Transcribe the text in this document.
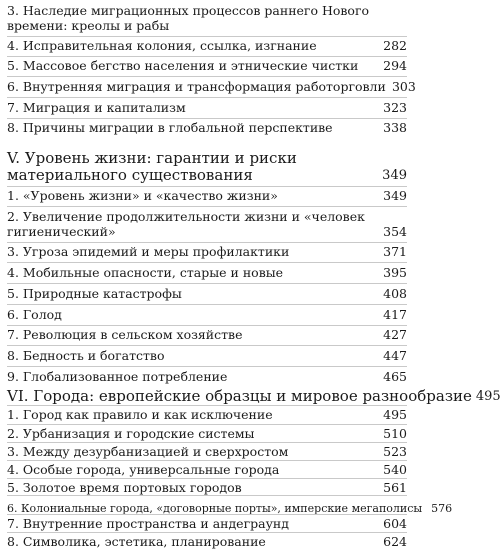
3. Наследие миграционных процессов раннего Нового времени: креолы и рабы
4. Исправительная колония, ссылка, изгнание	282
5. Массовое бегство населения и этнические чистки	294
6. Внутренняя миграция и трансформация работорговли 303
7. Миграция и капитализм	323
8. Причины миграции в глобальной перспективе	338
V. Уровень жизни: гарантии и риски материального существования	349
1. «Уровень жизни» и «качество жизни»	349
2. Увеличение продолжительности жизни и «человек гигиенический»	354
3. Угроза эпидемий и меры профилактики	371
4. Мобильные опасности, старые и новые	395
5. Природные катастрофы	408
6. Голод	417
7. Революция в сельском хозяйстве	427
8. Бедность и богатство	447
9. Глобализованное потребление	465
VI. Города: европейские образцы и мировое разнообразие 495
1. Город как правило и как исключение	495
2. Урбанизация и городские системы	510
3. Между дезурбанизацией и сверхростом	523
4. Особые города, универсальные города	540
5. Золотое время портовых городов	561
6. Колониальные города, «договорные порты», имперские мегаполисы 576
7. Внутренние пространства и андеграунд	604
8. Символика, эстетика, планирование	624
